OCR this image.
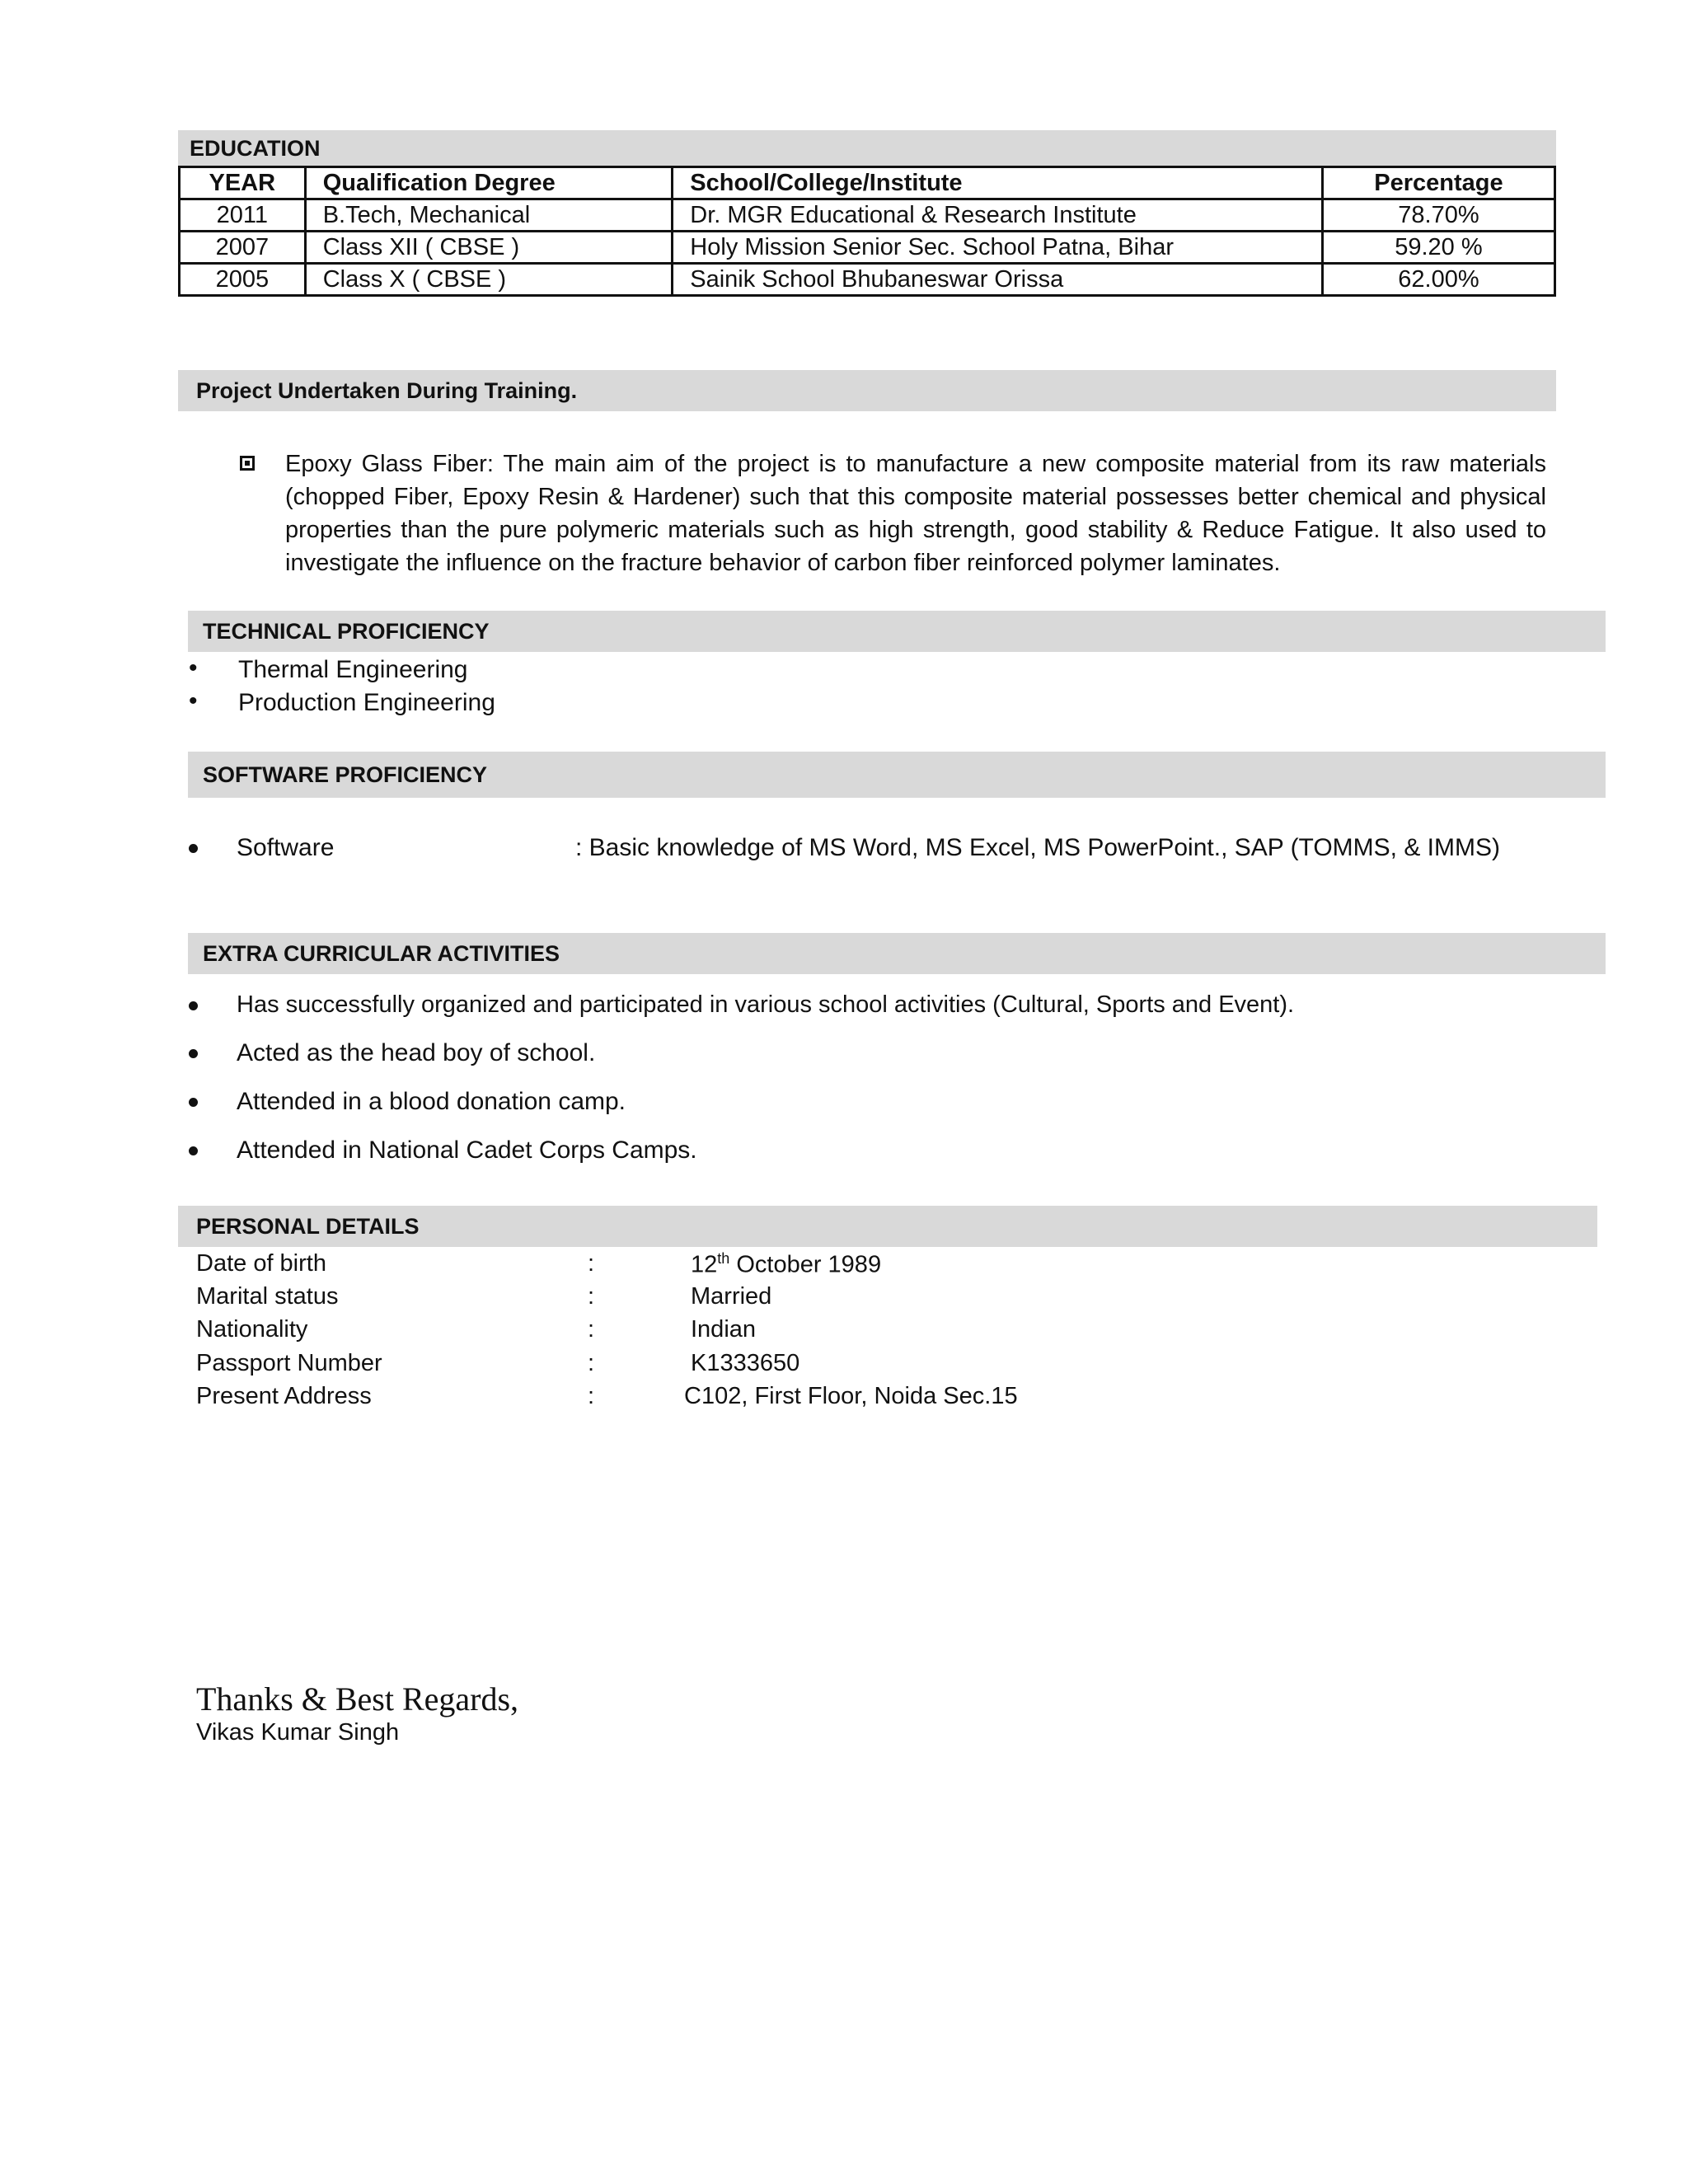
EDUCATION
YEAR	Qualification Degree	School/College/Institute	Percentage
2011	B.Tech, Mechanical	Dr. MGR Educational & Research Institute	78.70%
2007	Class XII ( CBSE )	Holy Mission Senior Sec. School Patna, Bihar	59.20 %
2005	Class X ( CBSE )	Sainik School Bhubaneswar Orissa	62.00%
Project Undertaken During Training.
Epoxy Glass Fiber: The main aim of the project is to manufacture a new composite material from its raw materials (chopped Fiber, Epoxy Resin & Hardener) such that this composite material possesses better chemical and physical properties than the pure polymeric materials such as high strength, good stability & Reduce Fatigue. It also used to investigate the influence on the fracture behavior of carbon fiber reinforced polymer laminates.
TECHNICAL PROFICIENCY
• Thermal Engineering
• Production Engineering
SOFTWARE PROFICIENCY
Software	: Basic knowledge of MS Word, MS Excel, MS PowerPoint., SAP (TOMMS, & IMMS)
EXTRA CURRICULAR ACTIVITIES
Has successfully organized and participated in various school activities (Cultural, Sports and Event).
Acted as the head boy of school.
Attended in a blood donation camp.
Attended in National Cadet Corps Camps.
PERSONAL DETAILS
Date of birth	:	12th October 1989
Marital status	:	Married
Nationality	:	Indian
Passport Number	:	K1333650
Present Address	:	C102, First Floor, Noida Sec.15
Thanks & Best Regards,
Vikas Kumar Singh
